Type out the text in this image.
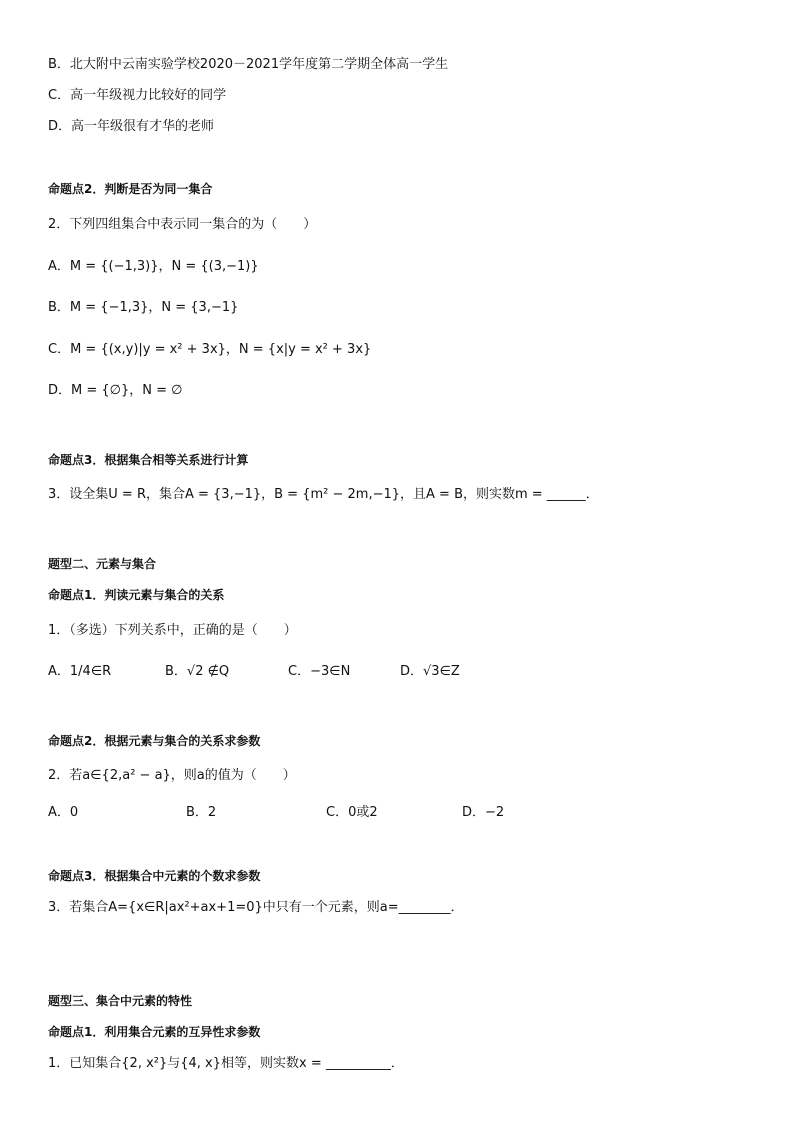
B．北大附中云南实验学校2020－2021学年度第二学期全体高一学生
C．高一年级视力比较好的同学
D．高一年级很有才华的老师
命题点2．判断是否为同一集合
2．下列四组集合中表示同一集合的为（　　）
A．M = {(−1,3)}，N = {(3,−1)}
B．M = {−1,3}，N = {3,−1}
C．M = {(x,y)|y = x² + 3x}，N = {x|y = x² + 3x}
D．M = {∅}，N = ∅
命题点3．根据集合相等关系进行计算
3．设全集U = R，集合A = {3,−1}，B = {m² − 2m,−1}，且A = B，则实数m = ______．
题型二、元素与集合
命题点1．判读元素与集合的关系
1．（多选）下列关系中，正确的是（　　）
A．1/4∈R	B．√2 ∉Q	C．−3∈N	D．√3∈Z
命题点2．根据元素与集合的关系求参数
2．若a∈{2,a² − a}，则a的值为（　　）
A．0	B．2	C．0或2	D．−2
命题点3．根据集合中元素的个数求参数
3．若集合A={x∈R|ax²+ax+1=0}中只有一个元素，则a=________．
题型三、集合中元素的特性
命题点1．利用集合元素的互异性求参数
1．已知集合{2, x²}与{4, x}相等，则实数x = __________．
